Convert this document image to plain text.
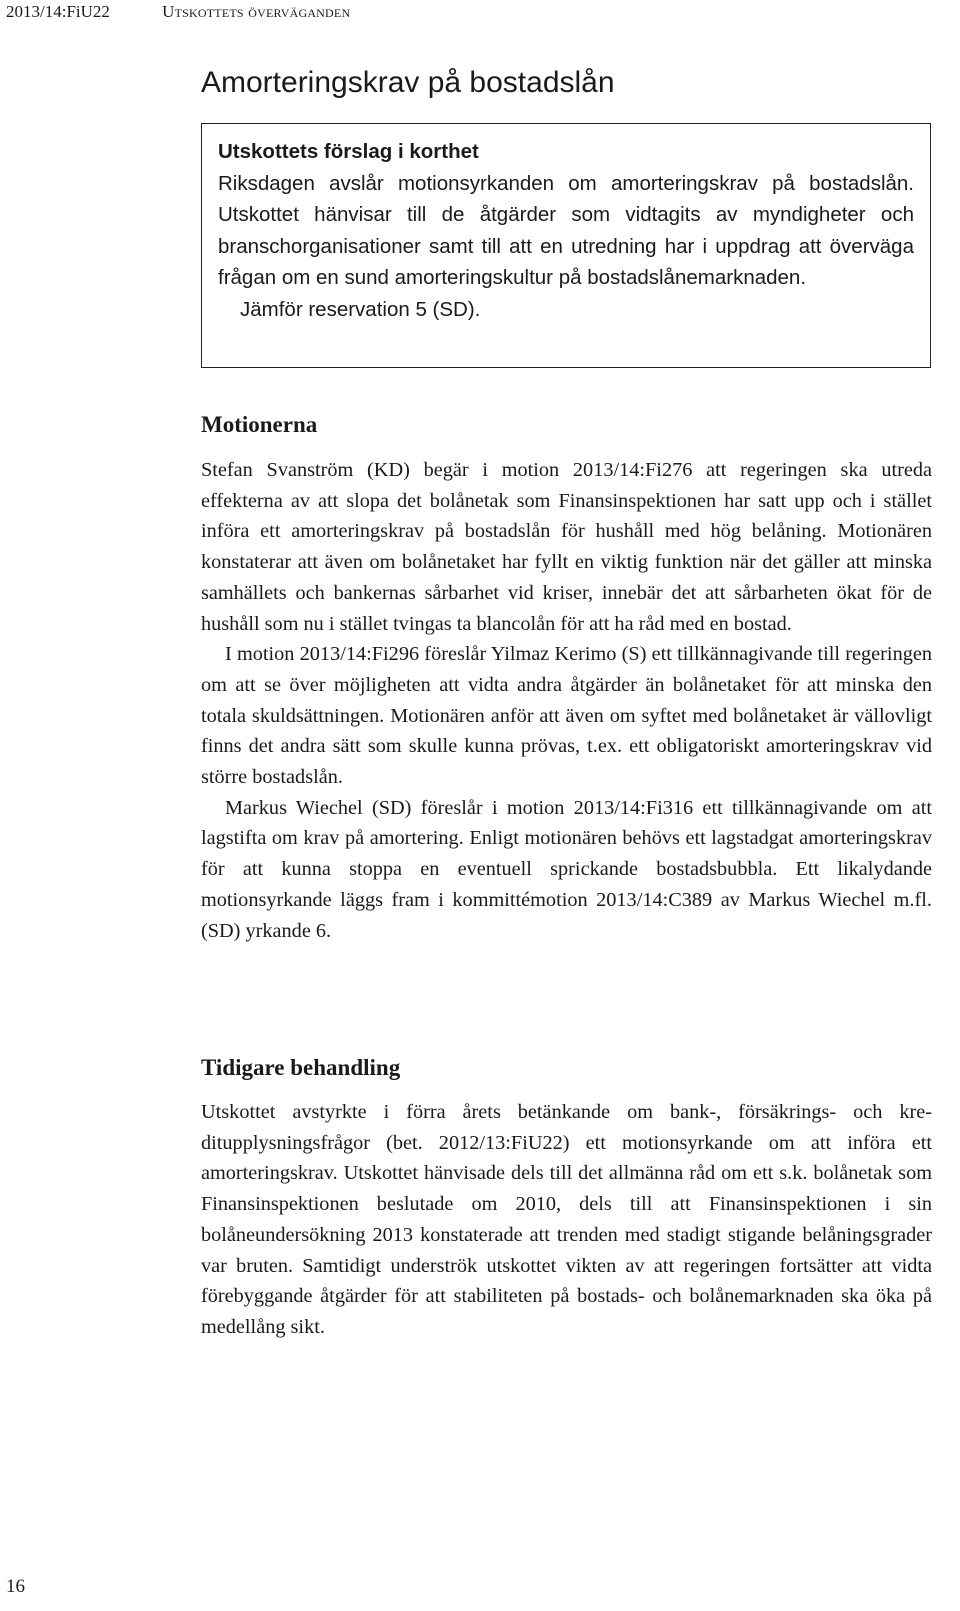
2013/14:FiU22	Utskottets överväganden
Amorteringskrav på bostadslån
Utskottets förslag i korthet

Riksdagen avslår motionsyrkanden om amorteringskrav på bostadslån. Utskottet hänvisar till de åtgärder som vidtagits av myndigheter och branschorganisationer samt till att en utredning har i uppdrag att överväga frågan om en sund amorteringskultur på bostadslånemarknaden.

Jämför reservation 5 (SD).

Motionerna

Stefan Svanström (KD) begär i motion 2013/14:Fi276 att regeringen ska utreda effekterna av att slopa det bolånetak som Finansinspektionen har satt upp och i stället införa ett amorteringskrav på bostadslån för hushåll med hög belåning. Motionären konstaterar att även om bolånetaket har fyllt en viktig funktion när det gäller att minska samhällets och bankernas sårbarhet vid kriser, innebär det att sårbarheten ökat för de hushåll som nu i stället tvingas ta blancolån för att ha råd med en bostad.

I motion 2013/14:Fi296 föreslår Yilmaz Kerimo (S) ett tillkännagivande till regeringen om att se över möjligheten att vidta andra åtgärder än bolånetaket för att minska den totala skuldsättningen. Motionären anför att även om syftet med bolånetaket är vällovligt finns det andra sätt som skulle kunna prövas, t.ex. ett obligatoriskt amorteringskrav vid större bostadslån.

Markus Wiechel (SD) föreslår i motion 2013/14:Fi316 ett tillkännagivande om att lagstifta om krav på amortering. Enligt motionären behövs ett lagstadgat amorteringskrav för att kunna stoppa en eventuell sprickande bostadsbubbla. Ett likalydande motionsyrkande läggs fram i kommittémotion 2013/14:C389 av Markus Wiechel m.fl. (SD) yrkande 6.

Tidigare behandling

Utskottet avstyrkte i förra årets betänkande om bank-, försäkrings- och kreditupplysningsfrågor (bet. 2012/13:FiU22) ett motionsyrkande om att införa ett amorteringskrav. Utskottet hänvisade dels till det allmänna råd om ett s.k. bolånetak som Finansinspektionen beslutade om 2010, dels till att Finansinspektionen i sin bolåneundersökning 2013 konstaterade att trenden med stadigt stigande belåningsgrader var bruten. Samtidigt underströk utskottet vikten av att regeringen fortsätter att vidta förebyggande åtgärder för att stabiliteten på bostads- och bolånemarknaden ska öka på medellång sikt.

16
